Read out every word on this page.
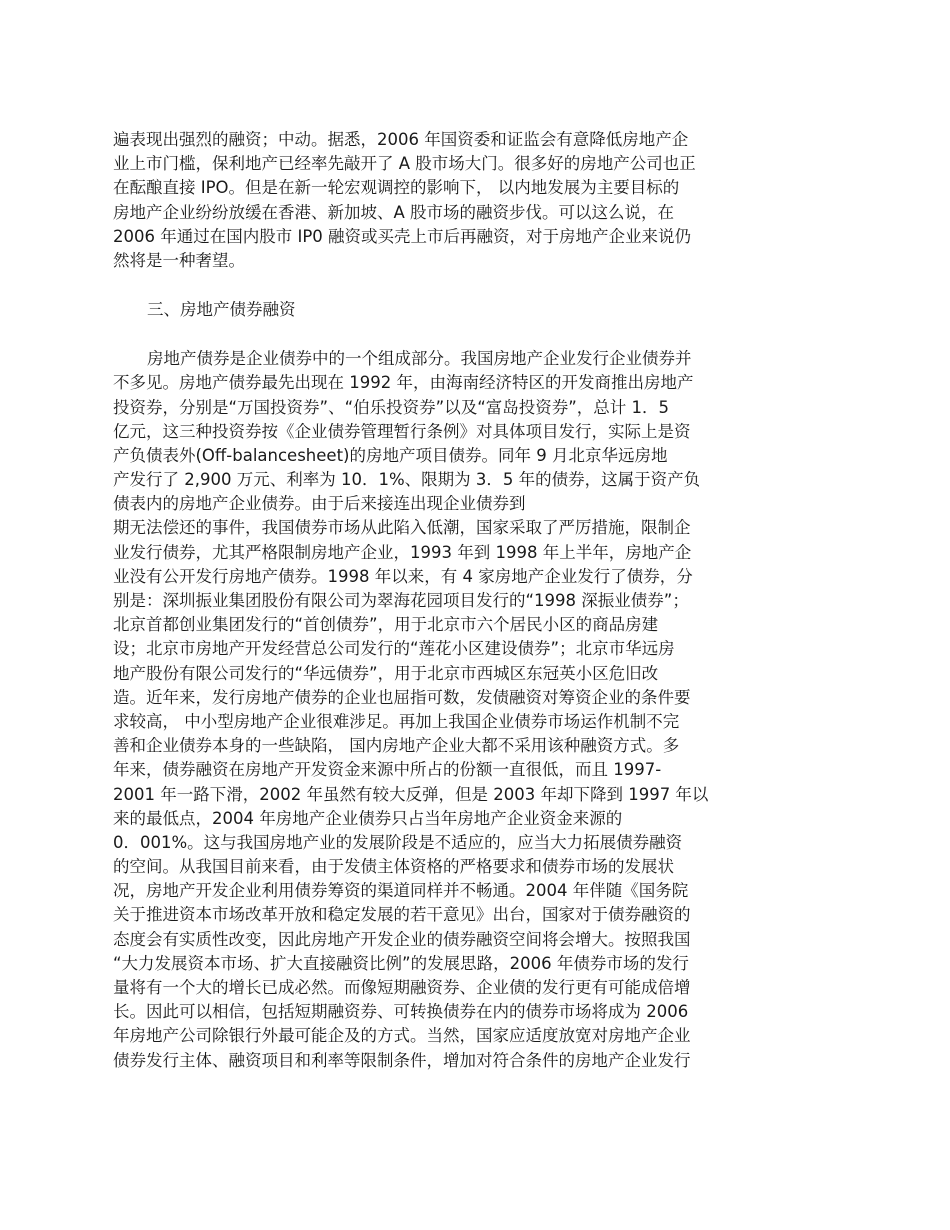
遍表现出强烈的融资；中动。据悉，2006 年国资委和证监会有意降低房地产企
业上市门槛，保利地产已经率先敲开了 A 股市场大门。很多好的房地产公司也正
在酝酿直接 IPO。但是在新一轮宏观调控的影响下， 以内地发展为主要目标的
房地产企业纷纷放缓在香港、新加坡、A 股市场的融资步伐。可以这么说，在
2006 年通过在国内股市 IP0 融资或买壳上市后再融资，对于房地产企业来说仍
然将是一种奢望。
三、房地产债券融资
房地产债券是企业债券中的一个组成部分。我国房地产企业发行企业债券并
不多见。房地产债券最先出现在 1992 年，由海南经济特区的开发商推出房地产
投资券，分别是“万国投资券”、“伯乐投资券”以及“富岛投资券”，总计 1．5
亿元，这三种投资券按《企业债券管理暂行条例》对具体项目发行，实际上是资
产负债表外(Off-balancesheet)的房地产项目债券。同年 9 月北京华远房地
产发行了 2,900 万元、利率为 10．1%、限期为 3．5 年的债券，这属于资产负
债表内的房地产企业债券。由于后来接连出现企业债券到
期无法偿还的事件，我国债券市场从此陷入低潮，国家采取了严厉措施，限制企
业发行债券，尤其严格限制房地产企业，1993 年到 1998 年上半年，房地产企
业没有公开发行房地产债券。1998 年以来，有 4 家房地产企业发行了债券，分
别是：深圳振业集团股份有限公司为翠海花园项目发行的“1998 深振业债券”；
北京首都创业集团发行的“首创债券”，用于北京市六个居民小区的商品房建
设；北京市房地产开发经营总公司发行的“莲花小区建设债券”；北京市华远房
地产股份有限公司发行的“华远债券”，用于北京市西城区东冠英小区危旧改
造。近年来，发行房地产债券的企业也屈指可数，发债融资对筹资企业的条件要
求较高， 中小型房地产企业很难涉足。再加上我国企业债券市场运作机制不完
善和企业债券本身的一些缺陷， 国内房地产企业大都不采用该种融资方式。多
年来，债券融资在房地产开发资金来源中所占的份额一直很低，而且 1997-
2001 年一路下滑，2002 年虽然有较大反弹，但是 2003 年却下降到 1997 年以
来的最低点，2004 年房地产企业债券只占当年房地产企业资金来源的
0．001%。这与我国房地产业的发展阶段是不适应的，应当大力拓展债券融资
的空间。从我国目前来看，由于发债主体资格的严格要求和债券市场的发展状
况，房地产开发企业利用债券筹资的渠道同样并不畅通。2004 年伴随《国务院
关于推进资本市场改革开放和稳定发展的若干意见》出台，国家对于债券融资的
态度会有实质性改变，因此房地产开发企业的债券融资空间将会增大。按照我国
“大力发展资本市场、扩大直接融资比例”的发展思路，2006 年债券市场的发行
量将有一个大的增长已成必然。而像短期融资券、企业债的发行更有可能成倍增
长。因此可以相信，包括短期融资券、可转换债券在内的债券市场将成为 2006
年房地产公司除银行外最可能企及的方式。当然，国家应适度放宽对房地产企业
债券发行主体、融资项目和利率等限制条件，增加对符合条件的房地产企业发行
